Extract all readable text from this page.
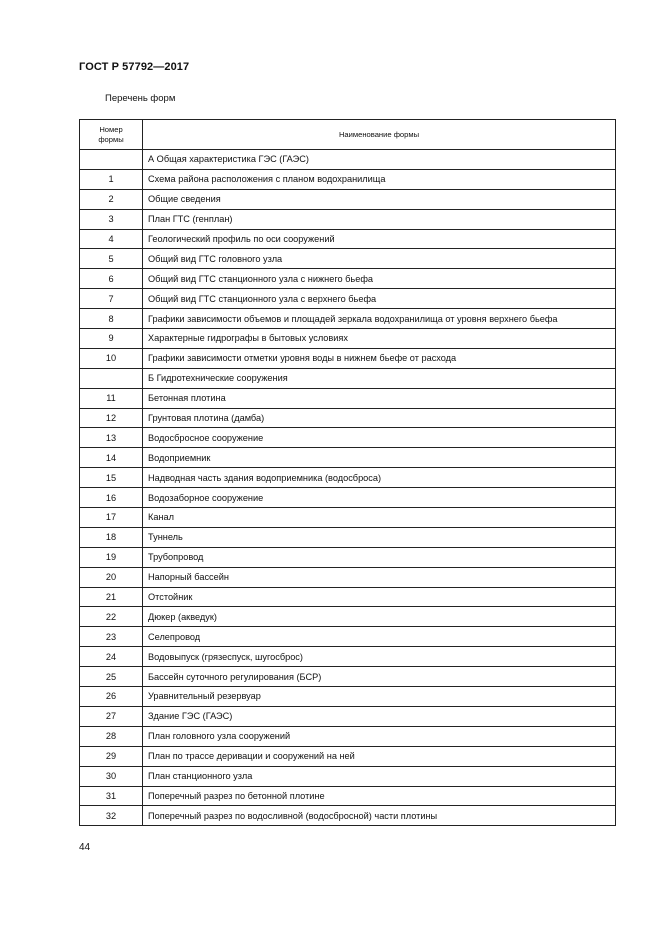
ГОСТ Р 57792—2017
Перечень форм
Номер формы	Наименование формы
	А Общая характеристика ГЭС (ГАЭС)
1	Схема района расположения с планом водохранилища
2	Общие сведения
3	План ГТС (генплан)
4	Геологический профиль по оси сооружений
5	Общий вид ГТС головного узла
6	Общий вид ГТС станционного узла с нижнего бьефа
7	Общий вид ГТС станционного узла с верхнего бьефа
8	Графики зависимости объемов и площадей зеркала водохранилища от уровня верхнего бьефа
9	Характерные гидрографы в бытовых условиях
10	Графики зависимости отметки уровня воды в нижнем бьефе от расхода
	Б Гидротехнические сооружения
11	Бетонная плотина
12	Грунтовая плотина (дамба)
13	Водосбросное сооружение
14	Водоприемник
15	Надводная часть здания водоприемника (водосброса)
16	Водозаборное сооружение
17	Канал
18	Туннель
19	Трубопровод
20	Напорный бассейн
21	Отстойник
22	Дюкер (акведук)
23	Селепровод
24	Водовыпуск (грязеспуск, шугосброс)
25	Бассейн суточного регулирования (БСР)
26	Уравнительный резервуар
27	Здание ГЭС (ГАЭС)
28	План головного узла сооружений
29	План по трассе деривации и сооружений на ней
30	План станционного узла
31	Поперечный разрез по бетонной плотине
32	Поперечный разрез по водосливной (водосбросной) части плотины
44
